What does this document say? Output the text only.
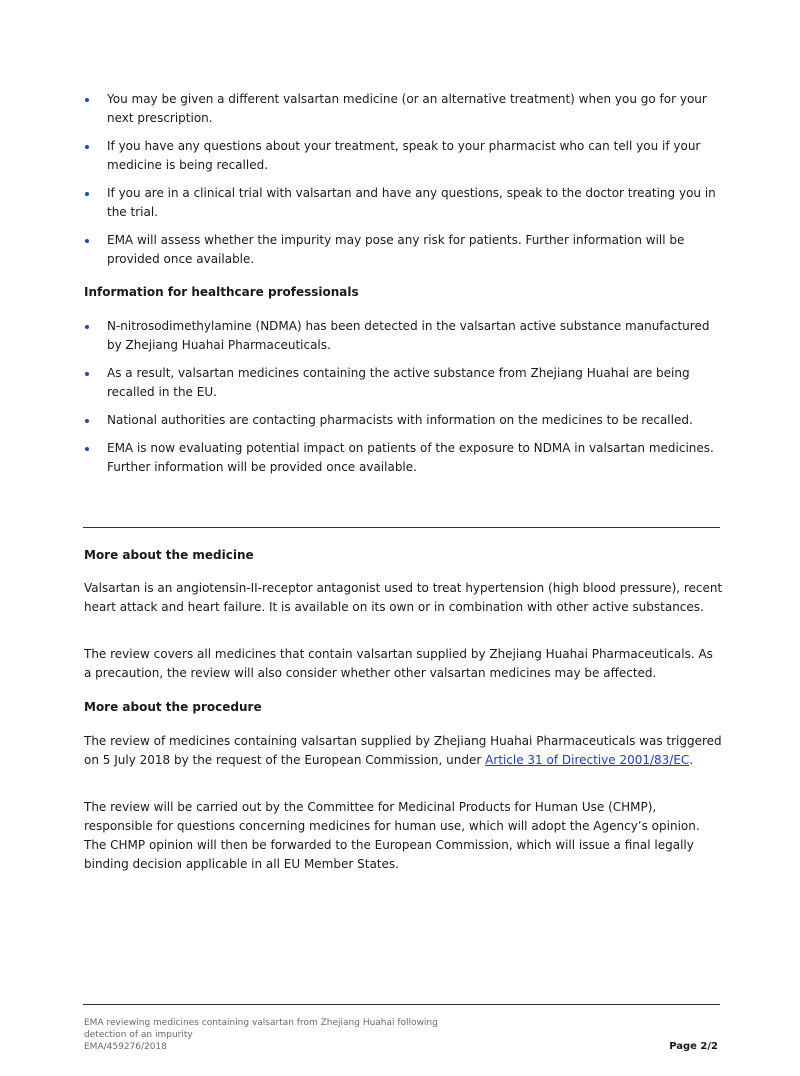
You may be given a different valsartan medicine (or an alternative treatment) when you go for your next prescription.
If you have any questions about your treatment, speak to your pharmacist who can tell you if your medicine is being recalled.
If you are in a clinical trial with valsartan and have any questions, speak to the doctor treating you in the trial.
EMA will assess whether the impurity may pose any risk for patients. Further information will be provided once available.
Information for healthcare professionals
N-nitrosodimethylamine (NDMA) has been detected in the valsartan active substance manufactured by Zhejiang Huahai Pharmaceuticals.
As a result, valsartan medicines containing the active substance from Zhejiang Huahai are being recalled in the EU.
National authorities are contacting pharmacists with information on the medicines to be recalled.
EMA is now evaluating potential impact on patients of the exposure to NDMA in valsartan medicines. Further information will be provided once available.
More about the medicine

Valsartan is an angiotensin-II-receptor antagonist used to treat hypertension (high blood pressure), recent heart attack and heart failure. It is available on its own or in combination with other active substances.

The review covers all medicines that contain valsartan supplied by Zhejiang Huahai Pharmaceuticals. As a precaution, the review will also consider whether other valsartan medicines may be affected.

More about the procedure

The review of medicines containing valsartan supplied by Zhejiang Huahai Pharmaceuticals was triggered on 5 July 2018 by the request of the European Commission, under Article 31 of Directive 2001/83/EC.

The review will be carried out by the Committee for Medicinal Products for Human Use (CHMP), responsible for questions concerning medicines for human use, which will adopt the Agency’s opinion. The CHMP opinion will then be forwarded to the European Commission, which will issue a final legally binding decision applicable in all EU Member States.

EMA reviewing medicines containing valsartan from Zhejiang Huahai following
detection of an impurity
EMA/459276/2018	Page 2/2
